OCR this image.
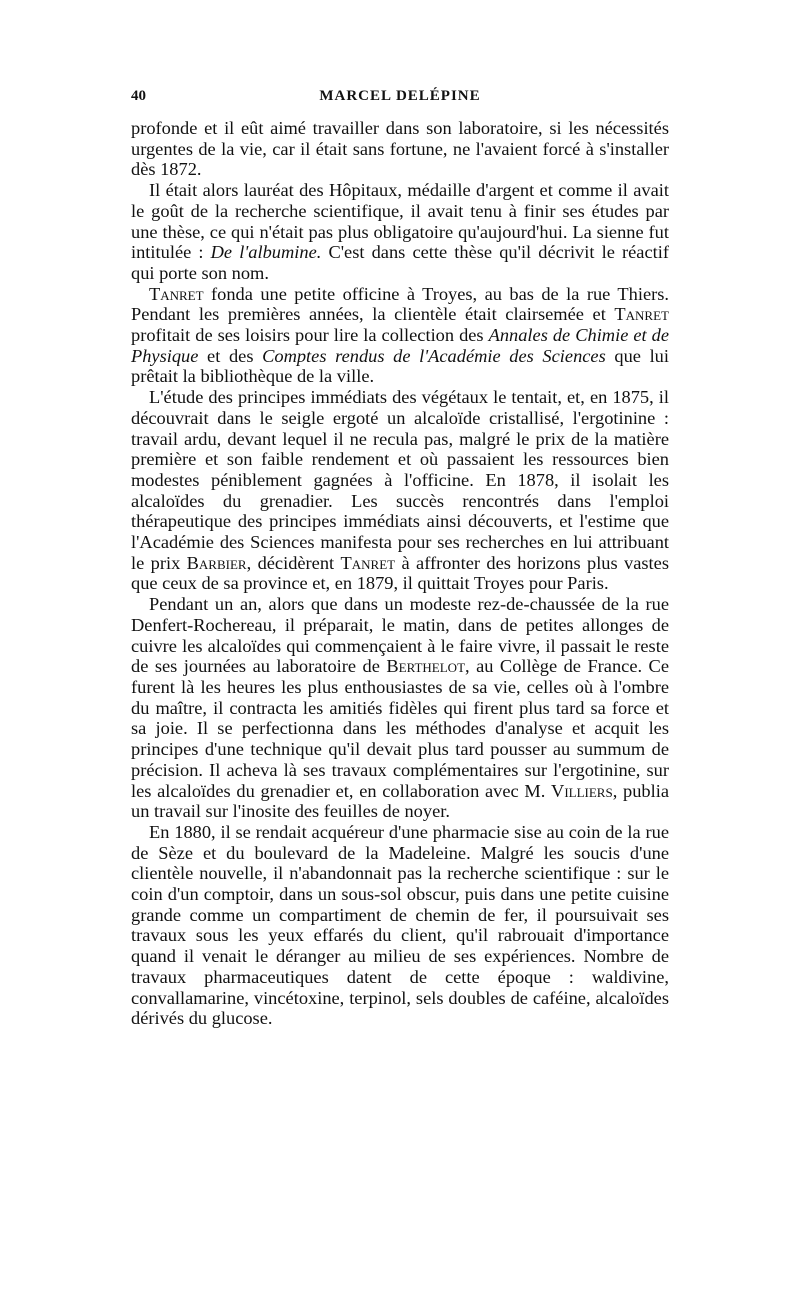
40	MARCEL DELÉPINE

profonde et il eût aimé travailler dans son laboratoire, si les nécessités urgentes de la vie, car il était sans fortune, ne l'avaient forcé à s'installer dès 1872.

Il était alors lauréat des Hôpitaux, médaille d'argent et comme il avait le goût de la recherche scientifique, il avait tenu à finir ses études par une thèse, ce qui n'était pas plus obligatoire qu'aujourd'hui. La sienne fut intitulée : De l'albumine. C'est dans cette thèse qu'il décrivit le réactif qui porte son nom.

Tanret fonda une petite officine à Troyes, au bas de la rue Thiers. Pendant les premières années, la clientèle était clairsemée et Tanret profitait de ses loisirs pour lire la collection des Annales de Chimie et de Physique et des Comptes rendus de l'Académie des Sciences que lui prêtait la bibliothèque de la ville.

L'étude des principes immédiats des végétaux le tentait, et, en 1875, il découvrait dans le seigle ergoté un alcaloïde cristallisé, l'ergotinine : travail ardu, devant lequel il ne recula pas, malgré le prix de la matière première et son faible rendement et où passaient les ressources bien modestes péniblement gagnées à l'officine. En 1878, il isolait les alcaloïdes du grenadier. Les succès rencontrés dans l'emploi thérapeutique des principes immédiats ainsi découverts, et l'estime que l'Académie des Sciences manifesta pour ses recherches en lui attribuant le prix Barbier, décidèrent Tanret à affronter des horizons plus vastes que ceux de sa province et, en 1879, il quittait Troyes pour Paris.

Pendant un an, alors que dans un modeste rez-de-chaussée de la rue Denfert-Rochereau, il préparait, le matin, dans de petites allonges de cuivre les alcaloïdes qui commençaient à le faire vivre, il passait le reste de ses journées au laboratoire de Berthelot, au Collège de France. Ce furent là les heures les plus enthousiastes de sa vie, celles où à l'ombre du maître, il contracta les amitiés fidèles qui firent plus tard sa force et sa joie. Il se perfectionna dans les méthodes d'analyse et acquit les principes d'une technique qu'il devait plus tard pousser au summum de précision. Il acheva là ses travaux complémentaires sur l'ergotinine, sur les alcaloïdes du grenadier et, en collaboration avec M. Villiers, publia un travail sur l'inosite des feuilles de noyer.

En 1880, il se rendait acquéreur d'une pharmacie sise au coin de la rue de Sèze et du boulevard de la Madeleine. Malgré les soucis d'une clientèle nouvelle, il n'abandonnait pas la recherche scientifique : sur le coin d'un comptoir, dans un sous-sol obscur, puis dans une petite cuisine grande comme un compartiment de chemin de fer, il poursuivait ses travaux sous les yeux effarés du client, qu'il rabrouait d'importance quand il venait le déranger au milieu de ses expériences. Nombre de travaux pharmaceutiques datent de cette époque : waldivine, convallamarine, vincétoxine, terpinol, sels doubles de caféine, alcaloïdes dérivés du glucose.
